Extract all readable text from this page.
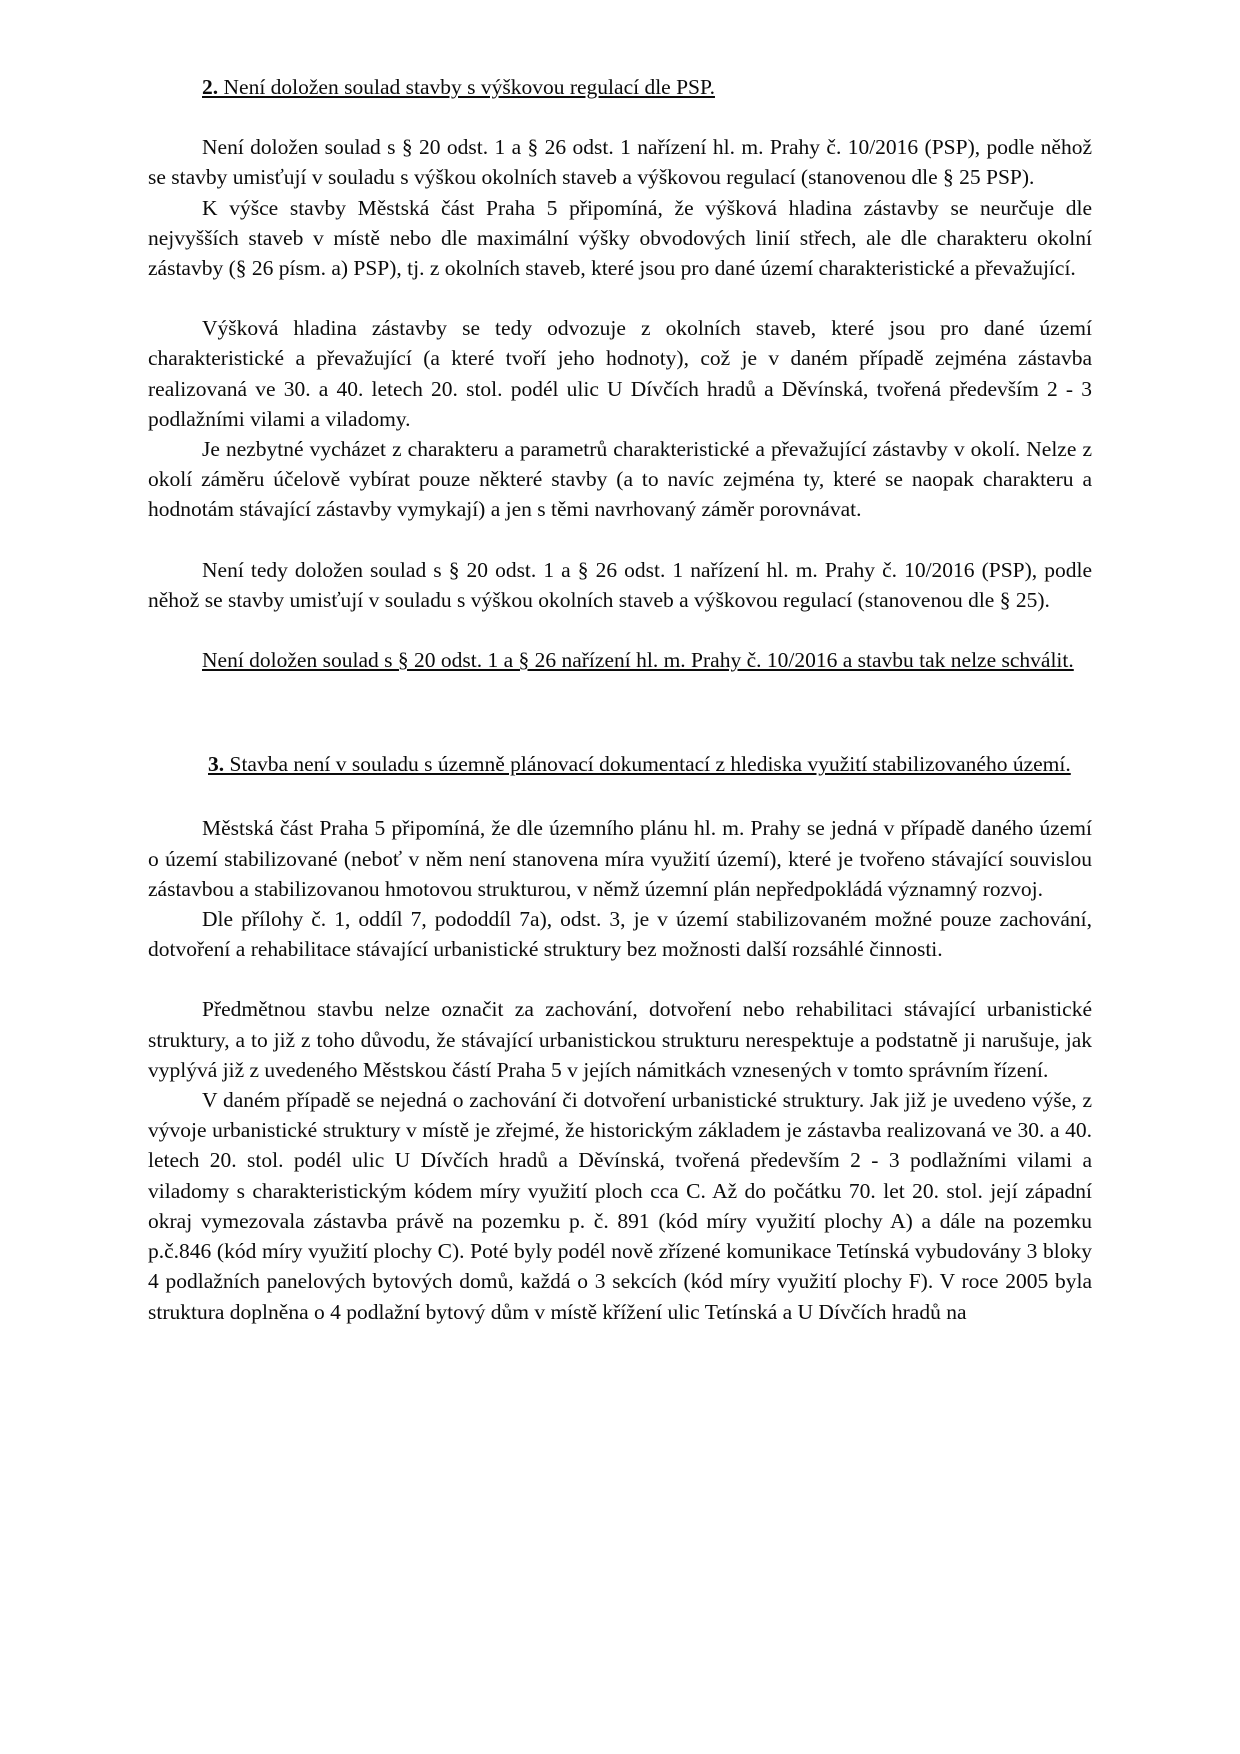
2. Není doložen soulad stavby s výškovou regulací dle PSP.

Není doložen soulad s § 20 odst. 1 a § 26 odst. 1 nařízení hl. m. Prahy č. 10/2016 (PSP), podle něhož se stavby umisťují v souladu s výškou okolních staveb a výškovou regulací (stanovenou dle § 25 PSP).

K výšce stavby Městská část Praha 5 připomíná, že výšková hladina zástavby se neurčuje dle nejvyšších staveb v místě nebo dle maximální výšky obvodových linií střech, ale dle charakteru okolní zástavby (§ 26 písm. a) PSP), tj. z okolních staveb, které jsou pro dané území charakteristické a převažující.

Výšková hladina zástavby se tedy odvozuje z okolních staveb, které jsou pro dané území charakteristické a převažující (a které tvoří jeho hodnoty), což je v daném případě zejména zástavba realizovaná ve 30. a 40. letech 20. stol. podél ulic U Dívčích hradů a Děvínská, tvořená především 2 - 3 podlažními vilami a viladomy.

Je nezbytné vycházet z charakteru a parametrů charakteristické a převažující zástavby v okolí. Nelze z okolí záměru účelově vybírat pouze některé stavby (a to navíc zejména ty, které se naopak charakteru a hodnotám stávající zástavby vymykají) a jen s těmi navrhovaný záměr porovnávat.

Není tedy doložen soulad s § 20 odst. 1 a § 26 odst. 1 nařízení hl. m. Prahy č. 10/2016 (PSP), podle něhož se stavby umisťují v souladu s výškou okolních staveb a výškovou regulací (stanovenou dle § 25).

Není doložen soulad s § 20 odst. 1 a § 26 nařízení hl. m. Prahy č. 10/2016 a stavbu tak nelze schválit.

3. Stavba není v souladu s územně plánovací dokumentací z hlediska využití stabilizovaného území.

Městská část Praha 5 připomíná, že dle územního plánu hl. m. Prahy se jedná v případě daného území o území stabilizované (neboť v něm není stanovena míra využití území), které je tvořeno stávající souvislou zástavbou a stabilizovanou hmotovou strukturou, v němž územní plán nepředpokládá významný rozvoj.

Dle přílohy č. 1, oddíl 7, pododdíl 7a), odst. 3, je v území stabilizovaném možné pouze zachování, dotvoření a rehabilitace stávající urbanistické struktury bez možnosti další rozsáhlé činnosti.

Předmětnou stavbu nelze označit za zachování, dotvoření nebo rehabilitaci stávající urbanistické struktury, a to již z toho důvodu, že stávající urbanistickou strukturu nerespektuje a podstatně ji narušuje, jak vyplývá již z uvedeného Městskou částí Praha 5 v jejích námitkách vznesených v tomto správním řízení.

V daném případě se nejedná o zachování či dotvoření urbanistické struktury. Jak již je uvedeno výše, z vývoje urbanistické struktury v místě je zřejmé, že historickým základem je zástavba realizovaná ve 30. a 40. letech 20. stol. podél ulic U Dívčích hradů a Děvínská, tvořená především 2 - 3 podlažními vilami a viladomy s charakteristickým kódem míry využití ploch cca C. Až do počátku 70. let 20. stol. její západní okraj vymezovala zástavba právě na pozemku p. č. 891 (kód míry využití plochy A) a dále na pozemku p.č.846 (kód míry využití plochy C). Poté byly podél nově zřízené komunikace Tetínská vybudovány 3 bloky 4 podlažních panelových bytových domů, každá o 3 sekcích (kód míry využití plochy F). V roce 2005 byla struktura doplněna o 4 podlažní bytový dům v místě křížení ulic Tetínská a U Dívčích hradů na
